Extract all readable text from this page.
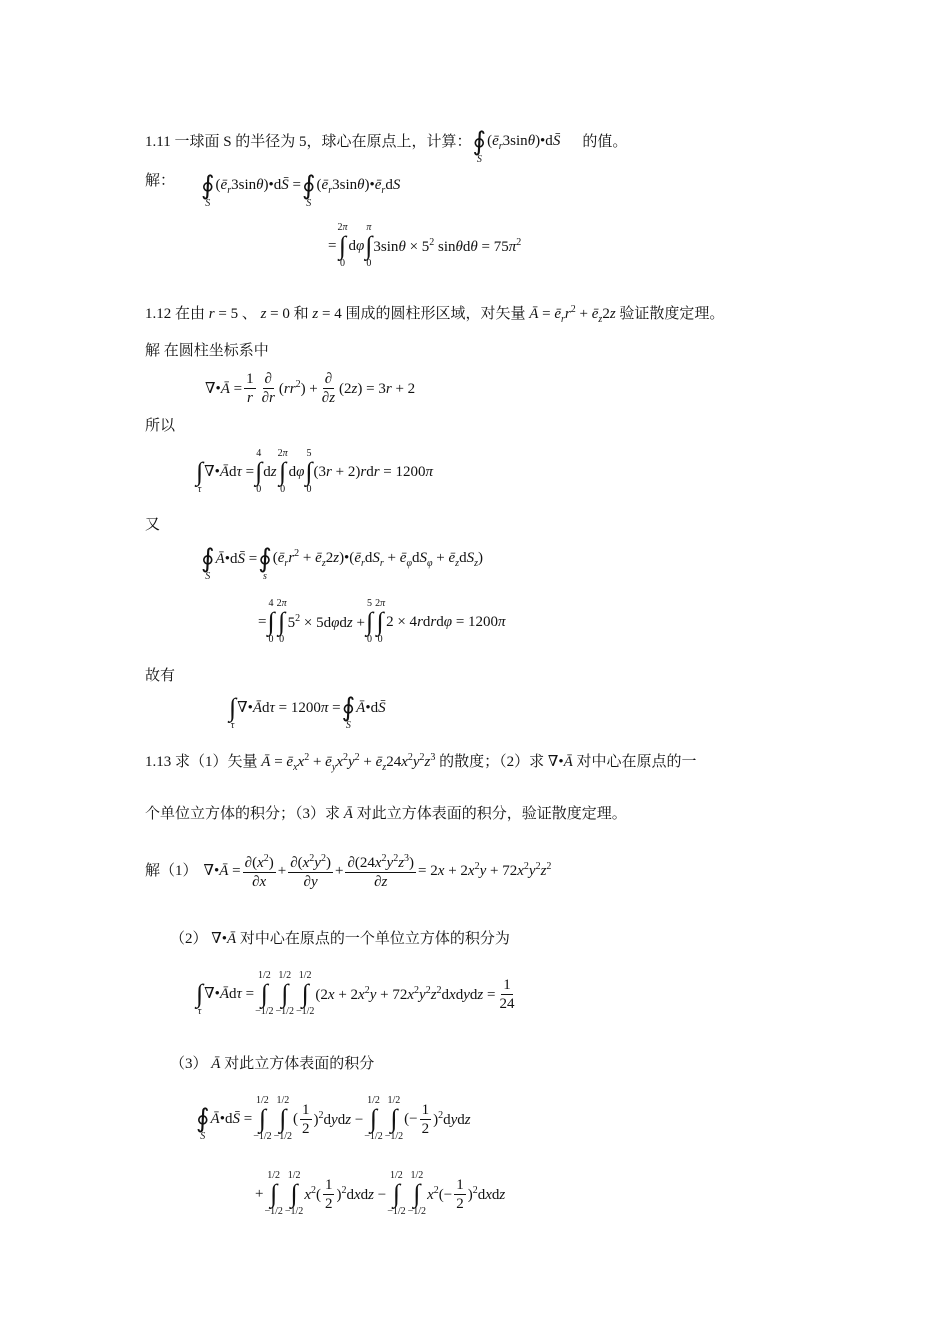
1.11 一球面 S 的半径为 5，球心在原点上，计算：
∮
S
$(ē_r3\sin\theta)•dS̄$ 的值。
解：
∮
S
$(ē_r3\sin\theta)•dS̄$ =
∮
S
$(ē_r3\sin\theta)•ē_rdS$
=
2π
∫
0
dφ
π
∫
0
$3\sin\theta \times 5^2$ $\sin\theta d\theta = 75\pi^2$
1.12 在由 r = 5 、 z = 0 和 z = 4 围成的圆柱形区域，对矢量 Ā = $ē_rr^2$ + $ē_z2z$ 验证散度定理。
解 在圆柱坐标系中
∇•Ā = $\frac{1}{r} \frac{\partial}{\partial r} (rr^2) + \frac{\partial}{\partial z} (2z) = 3r + 2$
所以

∫
τ
∇•Ādτ =
4
∫
0
dz
2π
∫
0
dφ
5
∫
0
(3r + 2)rdr = 1200π
又

∮
S
Ā•dS̄ =
∮
s
($ē_rr^2$ + $ē_z2z)•(ē_rdS_r$ + $ē_\varphi dS_\varphi$ + $ē_zdS_z$)
=
4
∫
0
2π
∫
0
$5^2 \times 5d\varphi dz$ +
5
∫
0
2π
∫
0
2 × 4rdrdφ = 1200π
故有

∫
τ
∇•Ādτ = 1200π =
∮
S
Ā•dS̄
1.13 求（1）矢量 Ā = $ē_xx^2$ + $ē_yx^2y^2$ + $ē_z24x^2y^2z^3$ 的散度；（2）求 ∇•Ā 对中心在原点的一
个单位立方体的积分；（3）求 Ā 对此立方体表面的积分，验证散度定理。
解（1） ∇•Ā = $\frac{\partial(x^2)}{\partial x} + \frac{\partial(x^2y^2)}{\partial y} + \frac{\partial(24x^2y^2z^3)}{\partial z} = 2x + 2x^2y + 72x^2y^2z^2$
（2） ∇•Ā 对中心在原点的一个单位立方体的积分为

∫
τ
∇•Ādτ =
1/2
∫
−1/2
1/2
∫
−1/2
1/2
∫
−1/2
($2x + 2x^2y$ + $72x^2y^2z^2dxdydz = \frac{1}{24}$
（3） Ā 对此立方体表面的积分

∮
S
Ā•dS̄ =
1/2
∫
−1/2
1/2
∫
−1/2
( $\frac{1}{2}$ )$^2$dydz −
1/2
∫
−1/2
1/2
∫
−1/2
(− $\frac{1}{2}$ )$^2$dydz
+
1/2
∫
−1/2
1/2
∫
−1/2
$x^2( \frac{1}{2}$ )$^2dxdz$ −
1/2
∫
−1/2
1/2
∫
−1/2
$x^2(- \frac{1}{2}$ )$^2dxdz$
